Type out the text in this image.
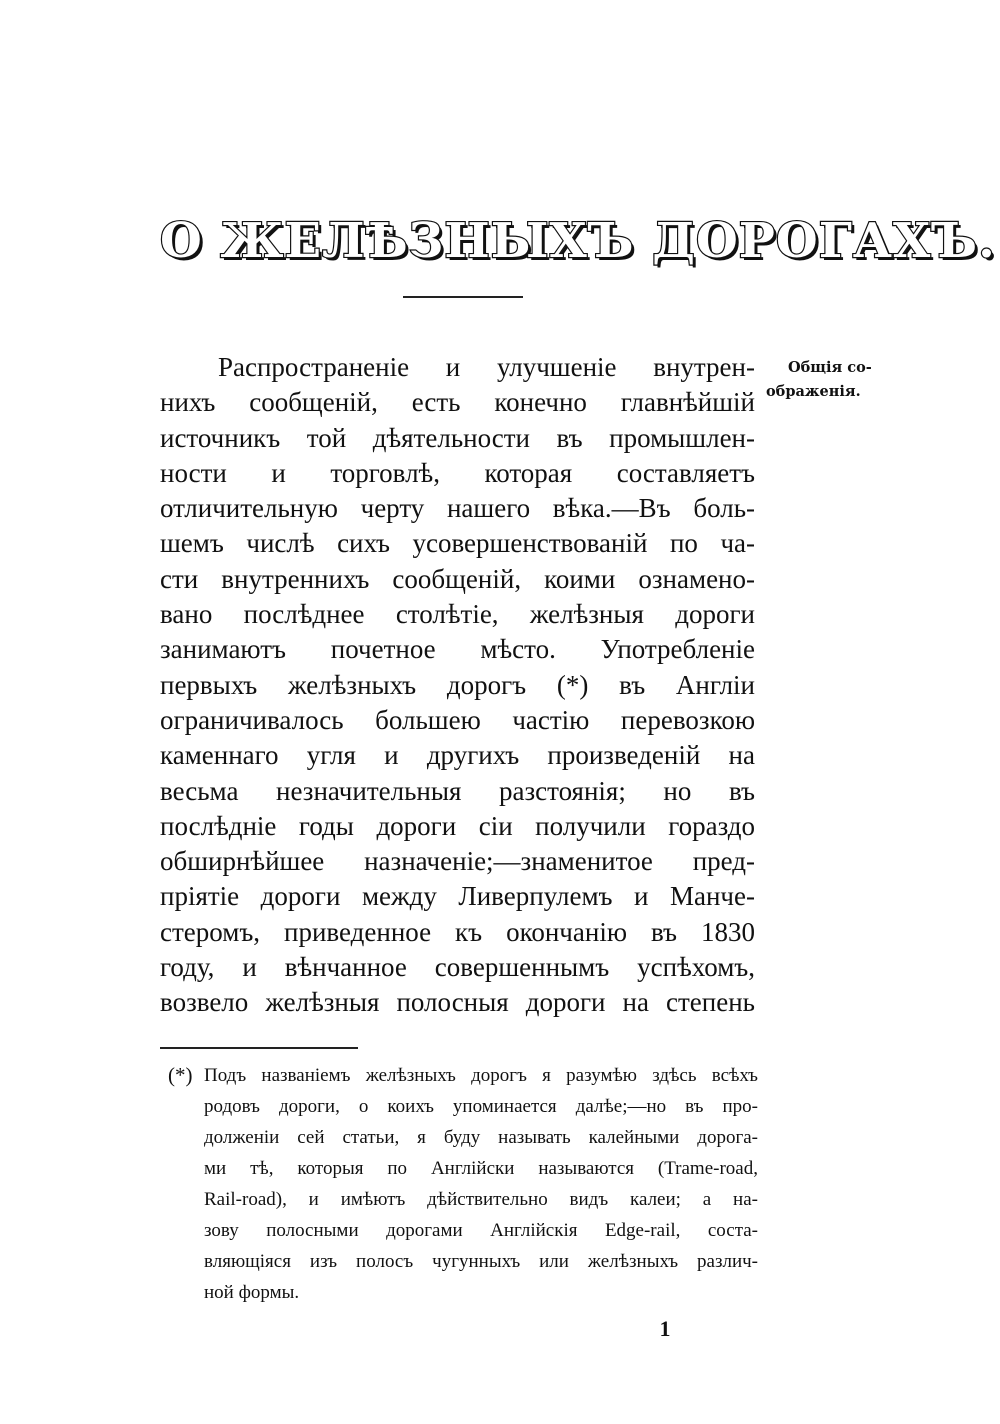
О ЖЕЛѢЗНЫХЪ ДОРОГАХЪ.
Общія со-
ображенія.
Распространеніе и улучшеніе внутрен-
нихъ сообщеній, есть конечно главнѣйшій
источникъ той дѣятельности въ промышлен-
ности и торговлѣ, которая составляетъ
отличительную черту нашего вѣка.—Въ боль-
шемъ числѣ сихъ усовершенствованій по ча-
сти внутреннихъ сообщеній, коими ознамено-
вано послѣднее столѣтіе, желѣзныя дороги
занимаютъ почетное мѣсто. Употребленіе
первыхъ желѣзныхъ дорогъ (*) въ Англіи
ограничивалось большею частію перевозкою
каменнаго угля и другихъ произведеній на
весьма незначительныя разстоянія; но въ
послѣдніе годы дороги сіи получили гораздо
обширнѣйшее назначеніе;—знаменитое пред-
пріятіе дороги между Ливерпулемъ и Манче-
стеромъ, приведенное къ окончанію въ 1830
году, и вѣнчанное совершеннымъ успѣхомъ,
возвело желѣзныя полосныя дороги на степень
(*) Подъ названіемъ желѣзныхъ дорогъ я разумѣю здѣсь всѣхъ
родовъ дороги, о коихъ упоминается далѣе;—но въ про-
долженіи сей статьи, я буду называть калейными дорога-
ми тѣ, которыя по Англійски называются (Trame-road,
Rail-road), и имѣютъ дѣйствительно видъ калеи; а на-
зову полосными дорогами Англійскія Edge-rail, соста-
вляющіяся изъ полосъ чугунныхъ или желѣзныхъ различ-
ной формы.
1
